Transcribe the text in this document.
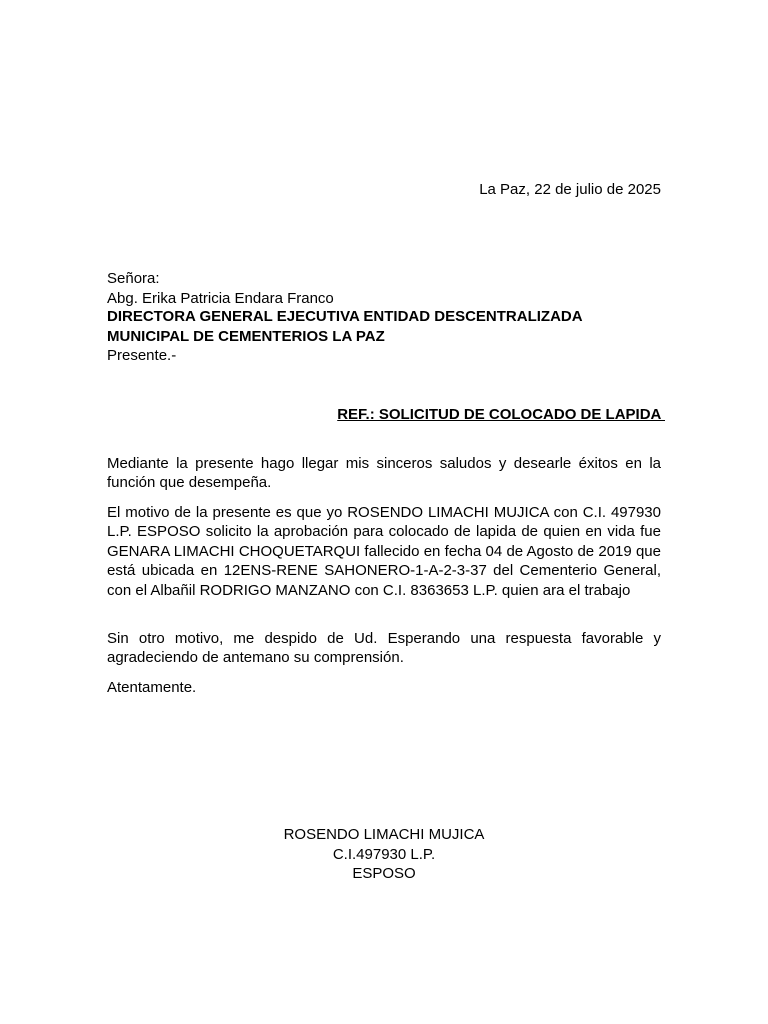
La Paz, 22 de julio de 2025
Señora:
Abg. Erika Patricia Endara Franco
DIRECTORA GENERAL EJECUTIVA ENTIDAD DESCENTRALIZADA
MUNICIPAL DE CEMENTERIOS LA PAZ
Presente.-
REF.: SOLICITUD DE COLOCADO DE LAPIDA
Mediante la presente hago llegar mis sinceros saludos y desearle éxitos en la función que desempeña.
El motivo de la presente es que yo ROSENDO LIMACHI MUJICA con C.I. 497930 L.P. ESPOSO solicito la aprobación para colocado de lapida de quien en vida fue GENARA LIMACHI CHOQUETARQUI fallecido en fecha 04 de Agosto de 2019 que está ubicada en 12ENS-RENE SAHONERO-1-A-2-3-37 del Cementerio General, con el Albañil RODRIGO MANZANO con C.I. 8363653 L.P. quien ara el trabajo
Sin otro motivo, me despido de Ud. Esperando una respuesta favorable y agradeciendo de antemano su comprensión.
Atentamente.
ROSENDO LIMACHI MUJICA
C.I.497930 L.P.
ESPOSO
